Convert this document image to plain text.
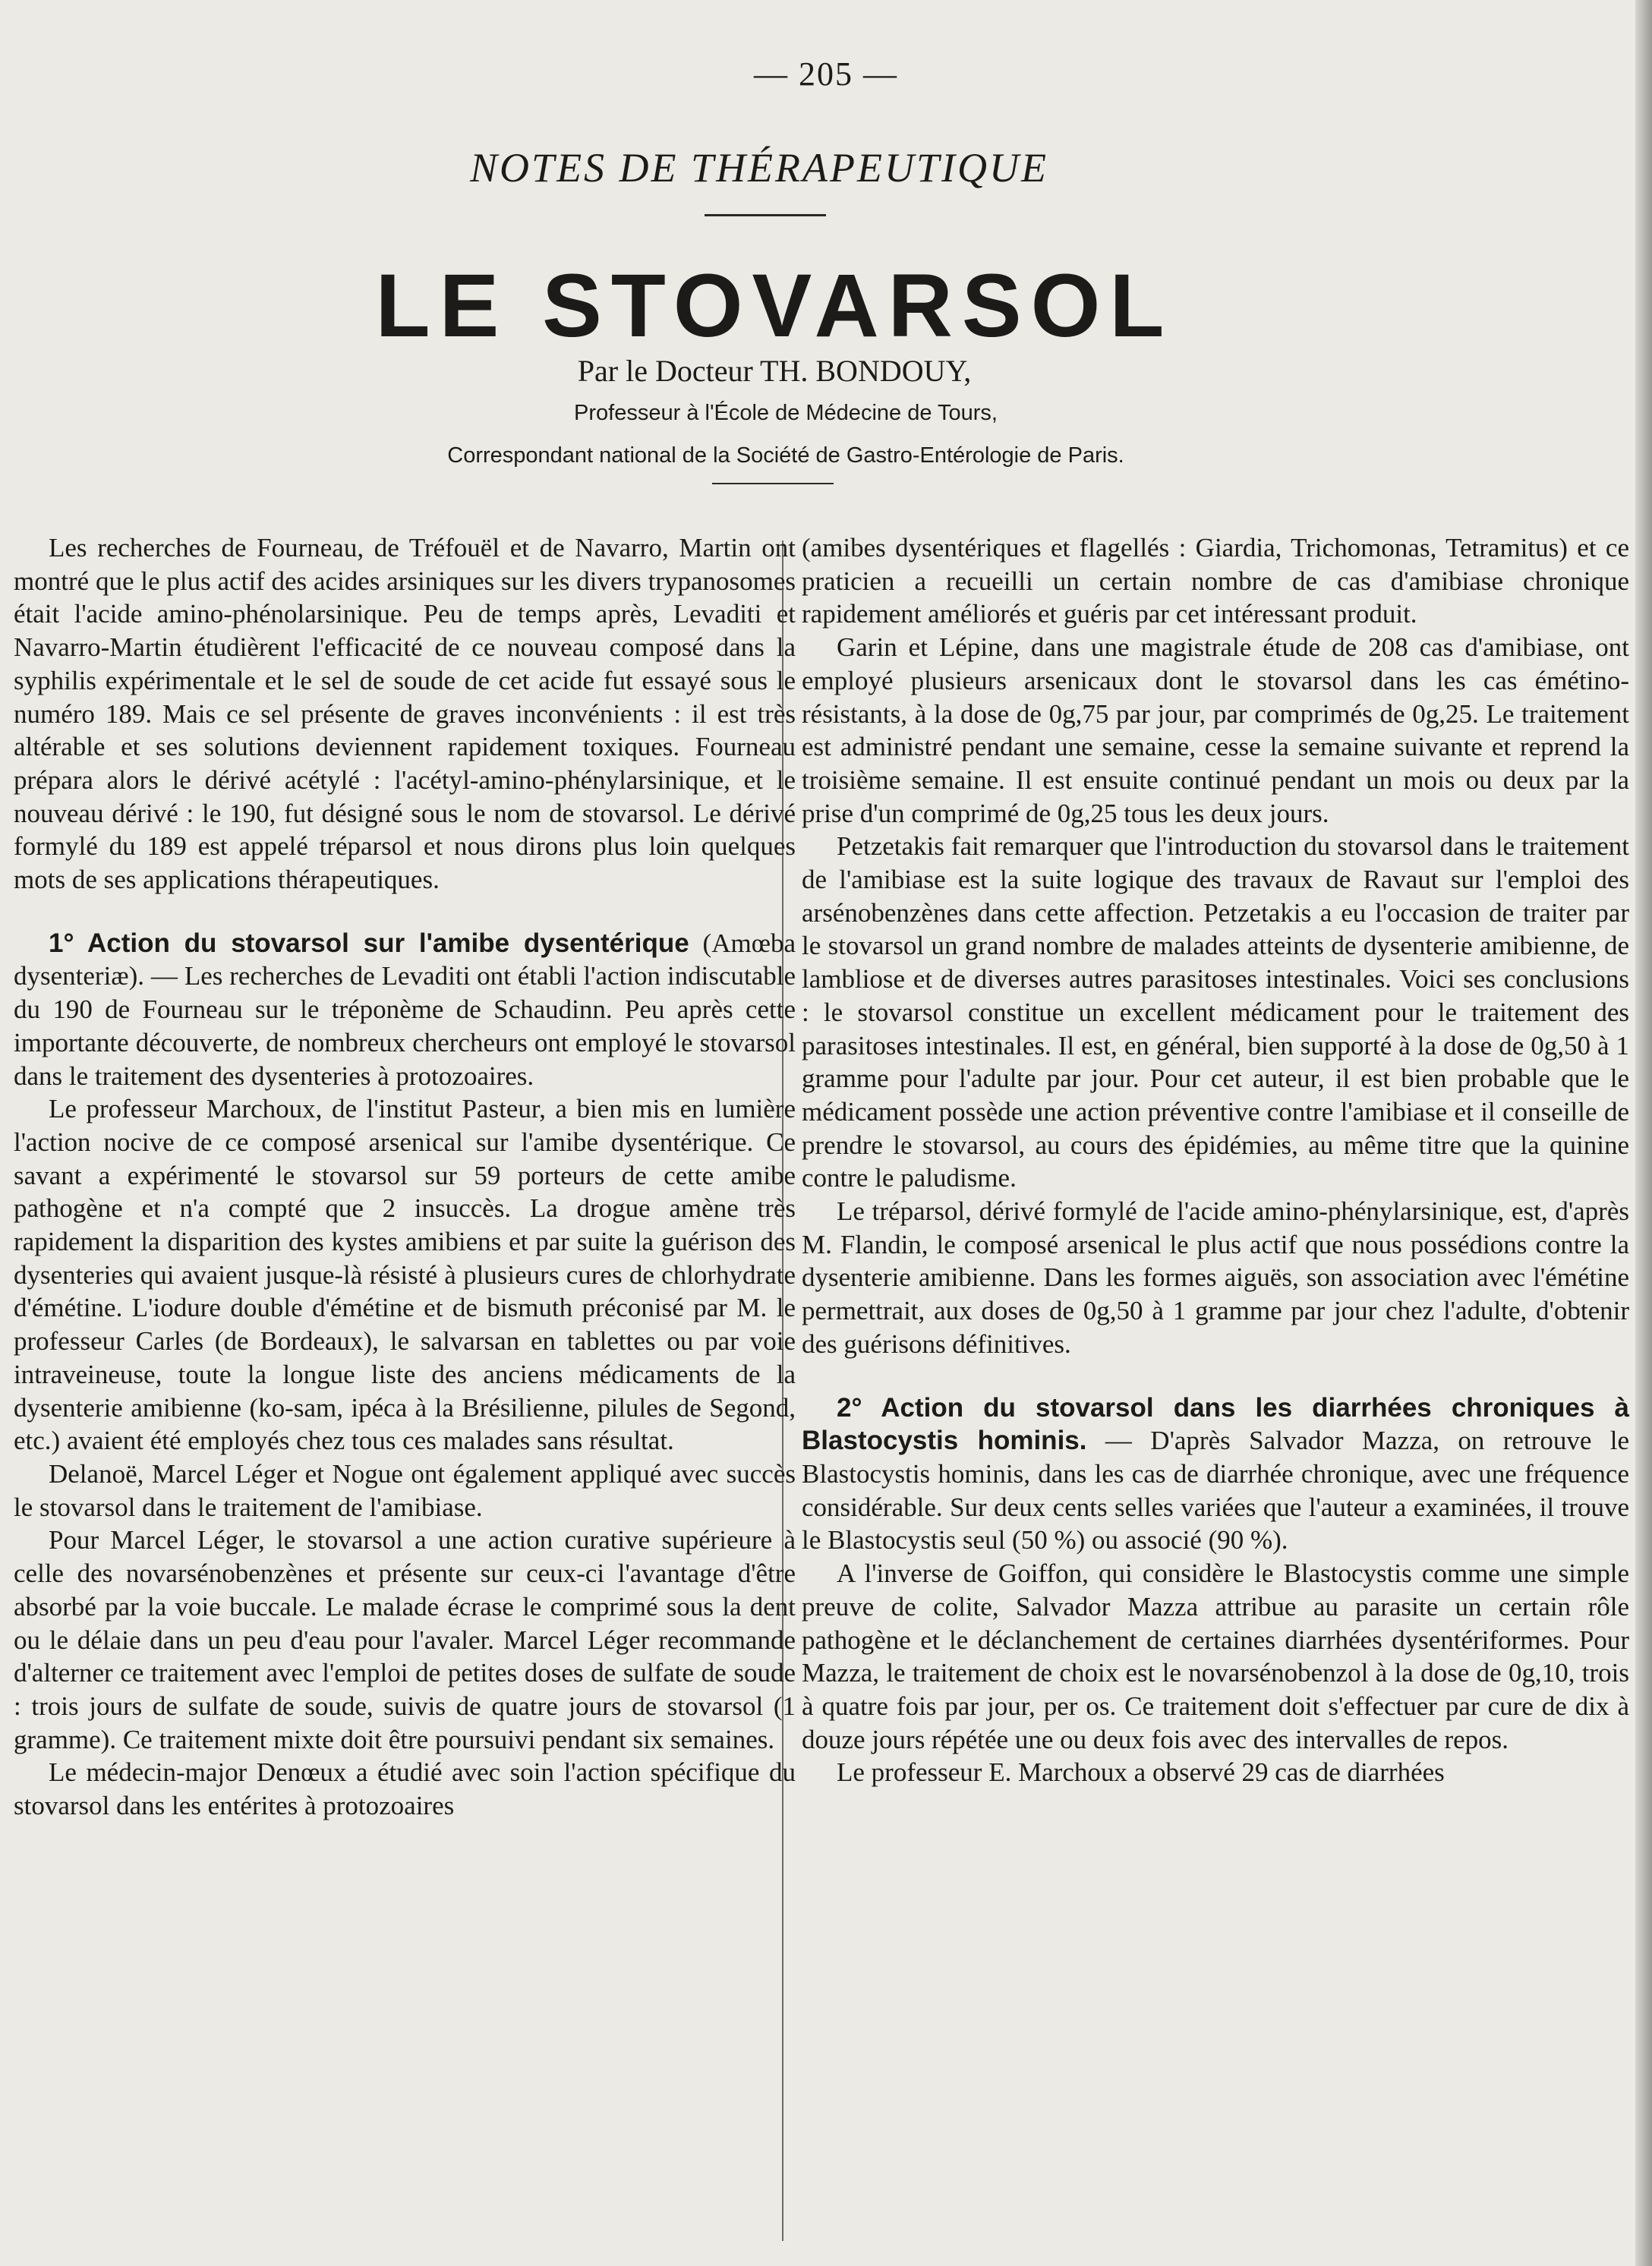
— 205 —
NOTES DE THÉRAPEUTIQUE
LE STOVARSOL
Par le Docteur TH. BONDOUY,
Professeur à l'École de Médecine de Tours,
Correspondant national de la Société de Gastro-Entérologie de Paris.

Les recherches de Fourneau, de Tréfouël et de Navarro, Martin ont montré que le plus actif des acides arsiniques sur les divers trypanosomes était l'acide amino-phénolarsinique. Peu de temps après, Levaditi et Navarro-Martin étudièrent l'efficacité de ce nouveau composé dans la syphilis expérimentale et le sel de soude de cet acide fut essayé sous le numéro 189. Mais ce sel présente de graves inconvénients : il est très altérable et ses solutions deviennent rapidement toxiques. Fourneau prépara alors le dérivé acétylé : l'acétyl-amino-phénylarsinique, et le nouveau dérivé : le 190, fut désigné sous le nom de stovarsol. Le dérivé formylé du 189 est appelé tréparsol et nous dirons plus loin quelques mots de ses applications thérapeutiques.

1° Action du stovarsol sur l'amibe dysentérique (Amœba dysenteriæ). — Les recherches de Levaditi ont établi l'action indiscutable du 190 de Fourneau sur le tréponème de Schaudinn. Peu après cette importante découverte, de nombreux chercheurs ont employé le stovarsol dans le traitement des dysenteries à protozoaires.

Le professeur Marchoux, de l'institut Pasteur, a bien mis en lumière l'action nocive de ce composé arsenical sur l'amibe dysentérique. Ce savant a expérimenté le stovarsol sur 59 porteurs de cette amibe pathogène et n'a compté que 2 insuccès. La drogue amène très rapidement la disparition des kystes amibiens et par suite la guérison des dysenteries qui avaient jusque-là résisté à plusieurs cures de chlorhydrate d'émétine. L'iodure double d'émétine et de bismuth préconisé par M. le professeur Carles (de Bordeaux), le salvarsan en tablettes ou par voie intraveineuse, toute la longue liste des anciens médicaments de la dysenterie amibienne (ko-sam, ipéca à la Brésilienne, pilules de Segond, etc.) avaient été employés chez tous ces malades sans résultat.

Delanoë, Marcel Léger et Nogue ont également appliqué avec succès le stovarsol dans le traitement de l'amibiase.

Pour Marcel Léger, le stovarsol a une action curative supérieure à celle des novarsénobenzènes et présente sur ceux-ci l'avantage d'être absorbé par la voie buccale. Le malade écrase le comprimé sous la dent ou le délaie dans un peu d'eau pour l'avaler. Marcel Léger recommande d'alterner ce traitement avec l'emploi de petites doses de sulfate de soude : trois jours de sulfate de soude, suivis de quatre jours de stovarsol (1 gramme). Ce traitement mixte doit être poursuivi pendant six semaines.

Le médecin-major Denœux a étudié avec soin l'action spécifique du stovarsol dans les entérites à protozoaires

(amibes dysentériques et flagellés : Giardia, Trichomonas, Tetramitus) et ce praticien a recueilli un certain nombre de cas d'amibiase chronique rapidement améliorés et guéris par cet intéressant produit.

Garin et Lépine, dans une magistrale étude de 208 cas d'amibiase, ont employé plusieurs arsenicaux dont le stovarsol dans les cas émétino-résistants, à la dose de 0g,75 par jour, par comprimés de 0g,25. Le traitement est administré pendant une semaine, cesse la semaine suivante et reprend la troisième semaine. Il est ensuite continué pendant un mois ou deux par la prise d'un comprimé de 0g,25 tous les deux jours.

Petzetakis fait remarquer que l'introduction du stovarsol dans le traitement de l'amibiase est la suite logique des travaux de Ravaut sur l'emploi des arsénobenzènes dans cette affection. Petzetakis a eu l'occasion de traiter par le stovarsol un grand nombre de malades atteints de dysenterie amibienne, de lambliose et de diverses autres parasitoses intestinales. Voici ses conclusions : le stovarsol constitue un excellent médicament pour le traitement des parasitoses intestinales. Il est, en général, bien supporté à la dose de 0g,50 à 1 gramme pour l'adulte par jour. Pour cet auteur, il est bien probable que le médicament possède une action préventive contre l'amibiase et il conseille de prendre le stovarsol, au cours des épidémies, au même titre que la quinine contre le paludisme.

Le tréparsol, dérivé formylé de l'acide amino-phénylarsinique, est, d'après M. Flandin, le composé arsenical le plus actif que nous possédions contre la dysenterie amibienne. Dans les formes aiguës, son association avec l'émétine permettrait, aux doses de 0g,50 à 1 gramme par jour chez l'adulte, d'obtenir des guérisons définitives.

2° Action du stovarsol dans les diarrhées chroniques à Blastocystis hominis. — D'après Salvador Mazza, on retrouve le Blastocystis hominis, dans les cas de diarrhée chronique, avec une fréquence considérable. Sur deux cents selles variées que l'auteur a examinées, il trouve le Blastocystis seul (50 %) ou associé (90 %).

A l'inverse de Goiffon, qui considère le Blastocystis comme une simple preuve de colite, Salvador Mazza attribue au parasite un certain rôle pathogène et le déclanchement de certaines diarrhées dysentériformes. Pour Mazza, le traitement de choix est le novarsénobenzol à la dose de 0g,10, trois à quatre fois par jour, per os. Ce traitement doit s'effectuer par cure de dix à douze jours répétée une ou deux fois avec des intervalles de repos.

Le professeur E. Marchoux a observé 29 cas de diarrhées
